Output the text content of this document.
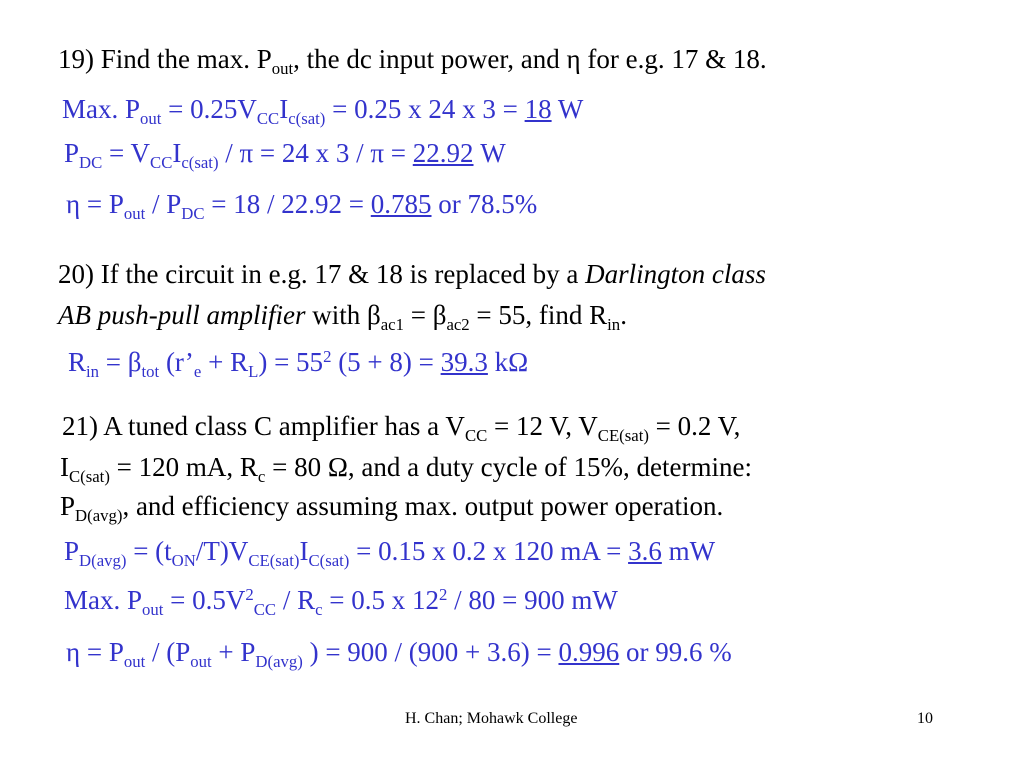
19) Find the max. $P_{out}$, the dc input power, and η for e.g. 17 & 18.
Max. $P_{out} = 0.25V_{CC}I_{c(sat)} = 0.25$ x 24 x 3 = 18 W
$P_{DC} = V_{CC}I_{c(sat)} / \pi = 24$ x 3 / π = 22.92 W
$\eta = P_{out} / P_{DC} = 18 / 22.92 = 0.785$ or 78.5%
20) If the circuit in e.g. 17 & 18 is replaced by a Darlington class
AB push-pull amplifier with $\beta_{ac1} = \beta_{ac2} = 55$, find $R_{in}$.
$R_{in} = \beta_{tot}$ $(r’_e + R_L) = 55^2$ (5 + 8) = 39.3 kΩ
21) A tuned class C amplifier has a $V_{CC} = 12$ V, $V_{CE(sat)} = 0.2$ V,
$I_{C(sat)} = 120$ mA, $R_c = 80$ Ω, and a duty cycle of 15%, determine:
$P_{D(avg)}$, and efficiency assuming max. output power operation.
$P_{D(avg)} = (t_{ON}/T)V_{CE(sat)}I_{C(sat)} = 0.15$ x 0.2 x 120 mA = 3.6 mW
Max. $P_{out} = 0.5V^2_{CC} / R_c = 0.5$ x $12^2 / 80 = 900$ mW
$\eta = P_{out} / (P_{out} + P_{D(avg)}$ ) = 900 / (900 + 3.6) = 0.996 or 99.6 %
H. Chan; Mohawk College	10
